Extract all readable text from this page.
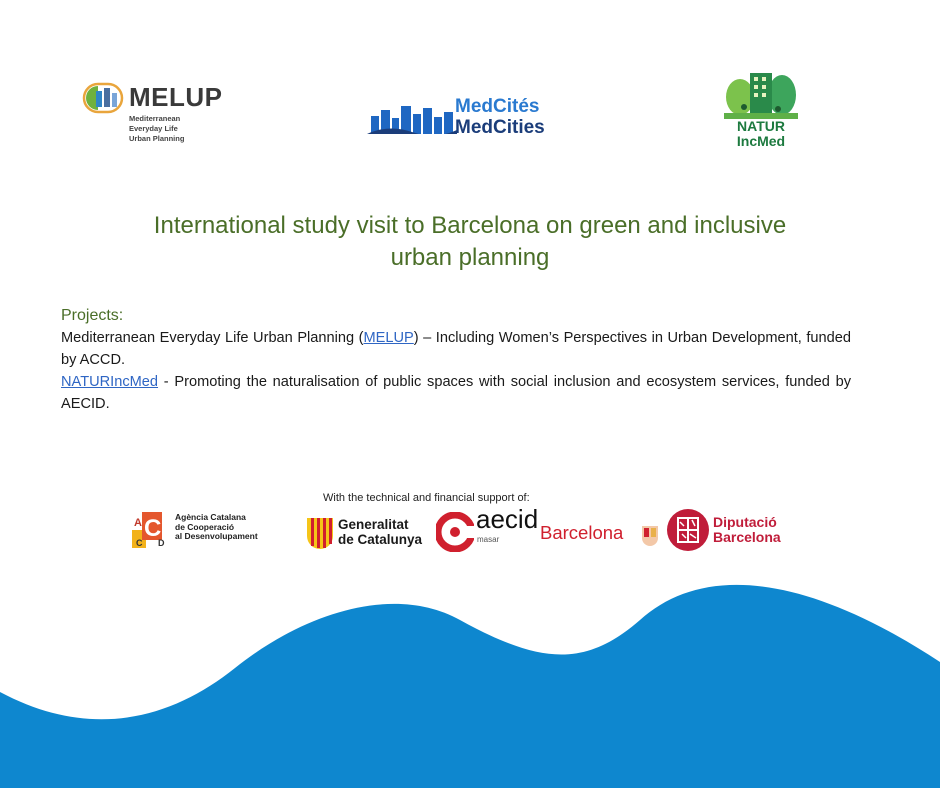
MELUP
Mediterranean
Everyday Life
Urban Planning
MedCités
MedCities	NATUR
IncMed
International study visit to Barcelona on green and inclusive
urban planning
Projects:
Mediterranean Everyday Life Urban Planning (MELUP) – Including Women’s Perspectives in Urban Development, funded by ACCD.
NATURIncMed - Promoting the naturalisation of public spaces with social inclusion and ecosystem services, funded by AECID.
With the technical and financial support of:
A C
C D
Agència Catalana
de Cooperació
al Desenvolupament
Generalitat
de Catalunya
aecid
masar Barcelona	Diputació
Barcelona
